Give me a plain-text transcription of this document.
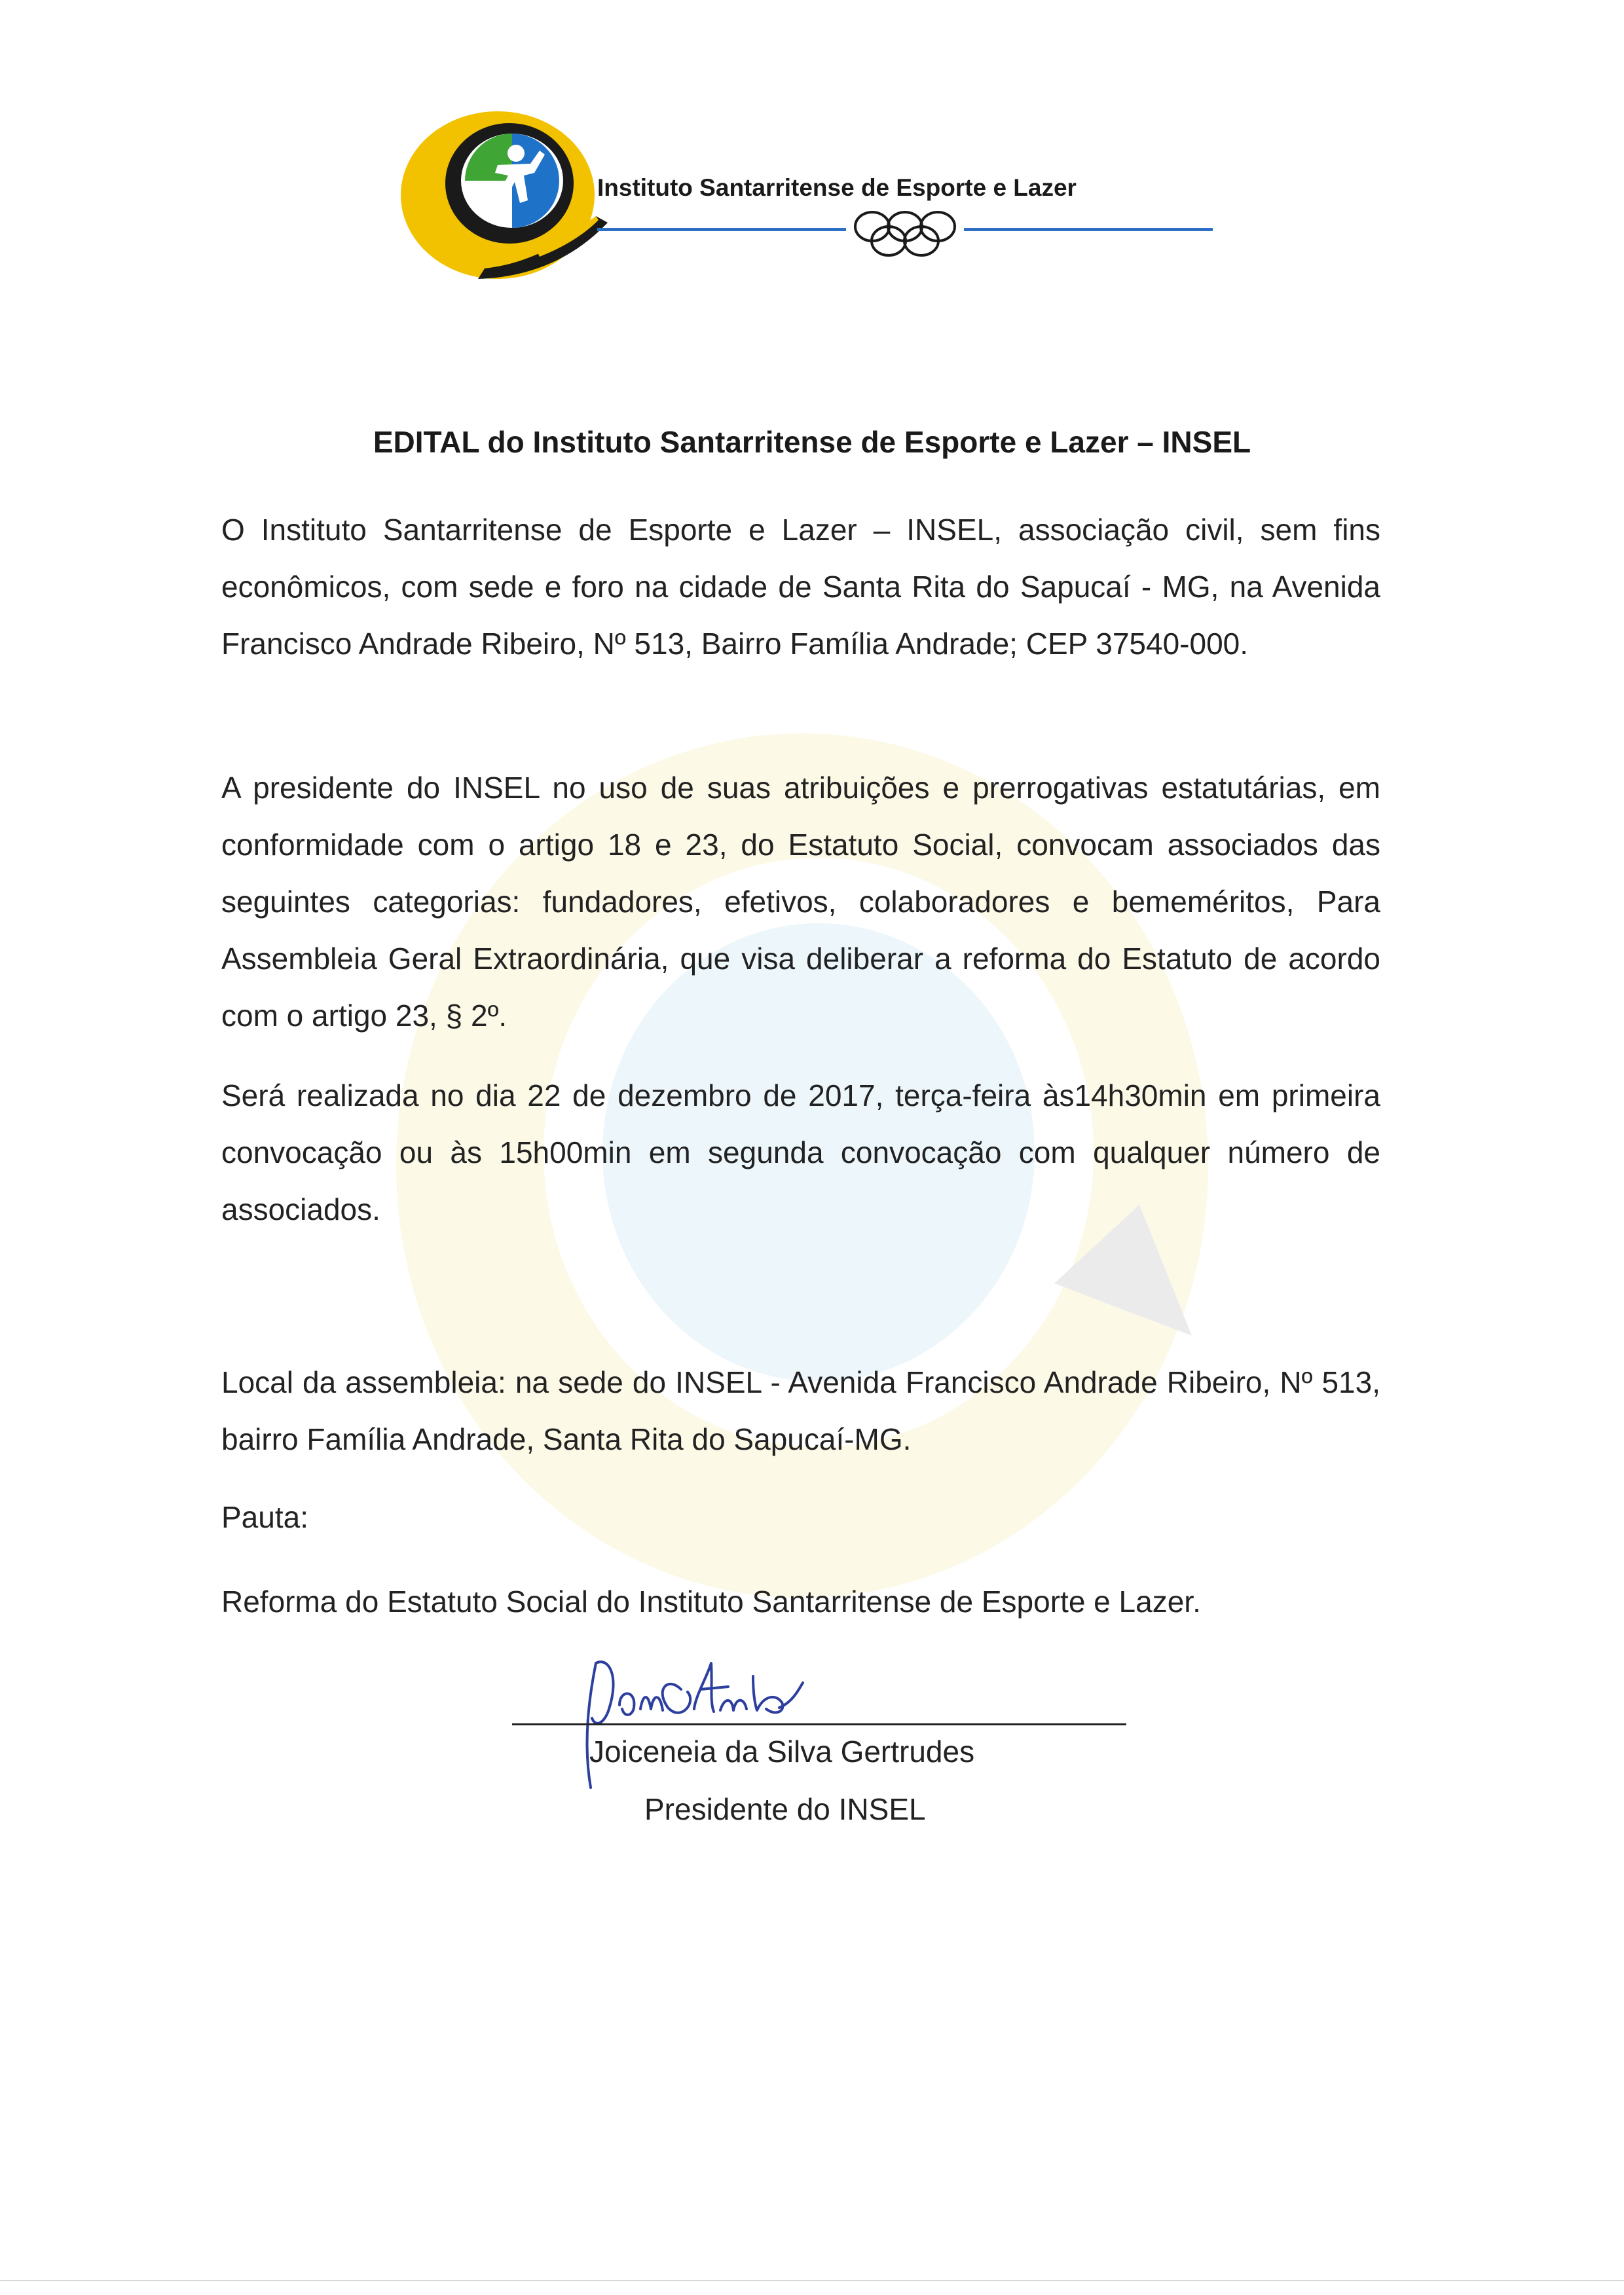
Instituto Santarritense de Esporte e Lazer
EDITAL do Instituto Santarritense de Esporte e Lazer – INSEL
O Instituto Santarritense de Esporte e Lazer – INSEL, associação civil, sem fins econômicos, com sede e foro na cidade de Santa Rita do Sapucaí - MG, na Avenida Francisco Andrade Ribeiro, Nº 513, Bairro Família Andrade; CEP 37540-000.
A presidente do INSEL no uso de suas atribuições e prerrogativas estatutárias, em conformidade com o artigo 18 e 23, do Estatuto Social, convocam associados das seguintes categorias: fundadores, efetivos, colaboradores e bememéritos, Para Assembleia Geral Extraordinária, que visa deliberar a reforma do Estatuto de acordo com o artigo 23, § 2º.
Será realizada no dia 22 de dezembro de 2017, terça-feira às14h30min em primeira convocação ou às 15h00min em segunda convocação com qualquer número de associados.
Local da assembleia: na sede do INSEL - Avenida Francisco Andrade Ribeiro, Nº 513, bairro Família Andrade, Santa Rita do Sapucaí-MG.
Pauta:
Reforma do Estatuto Social do Instituto Santarritense de Esporte e Lazer.
Joiceneia da Silva Gertrudes
Presidente do INSEL
